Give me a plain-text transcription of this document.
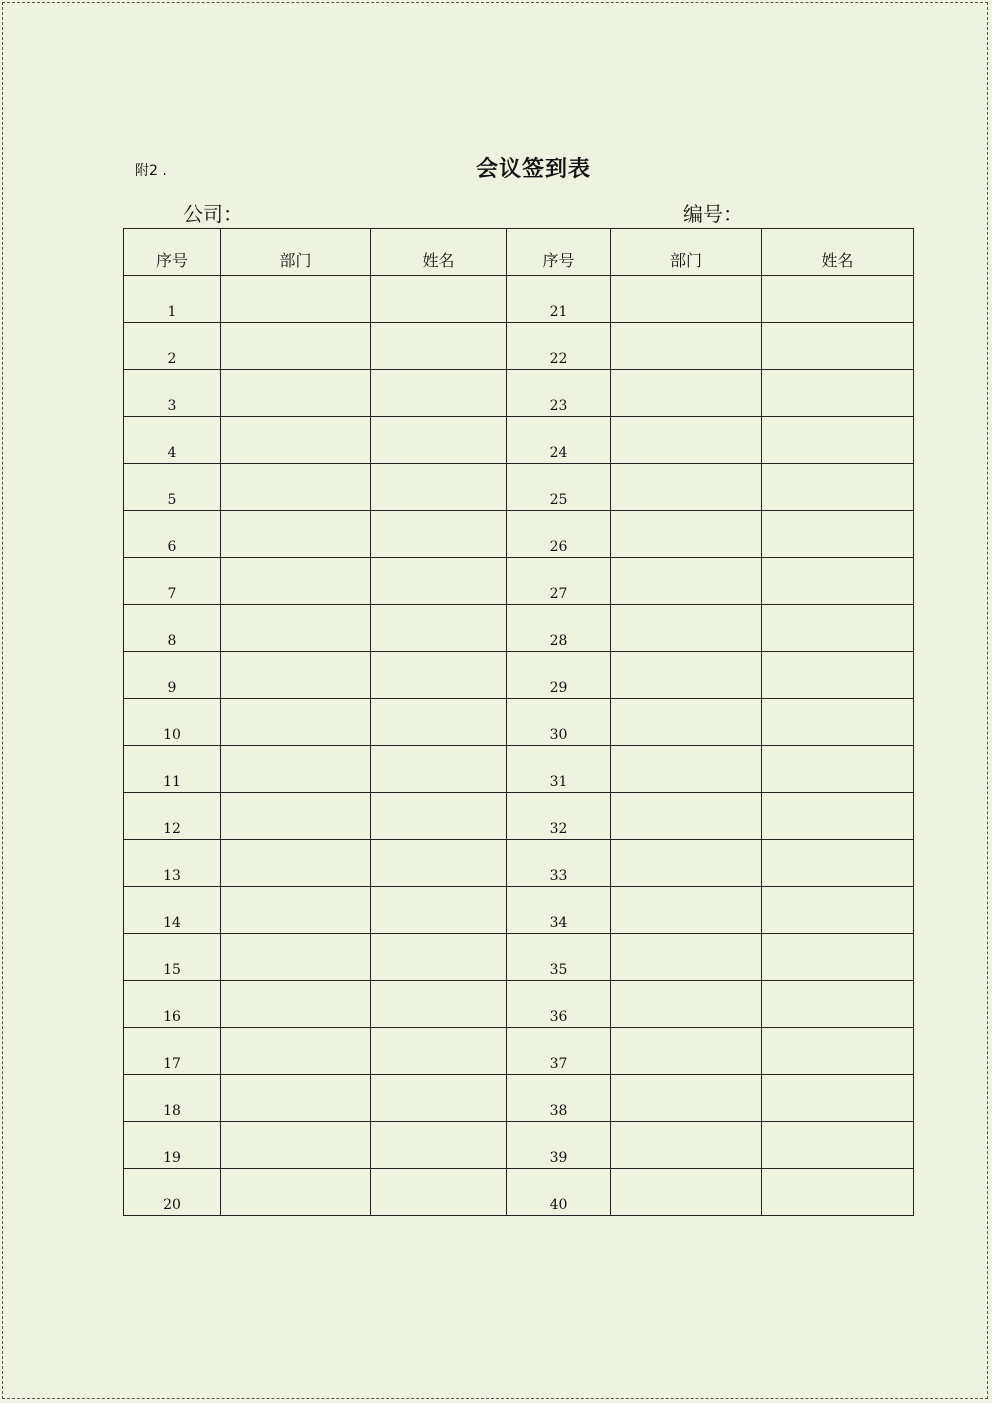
附2 .	会议签到表
公司：	编号：
序号	部门	姓名	序号	部门	姓名
1			21		
2			22		
3			23		
4			24		
5			25		
6			26		
7			27		
8			28		
9			29		
10			30		
11			31		
12			32		
13			33		
14			34		
15			35		
16			36		
17			37		
18			38		
19			39		
20			40		
